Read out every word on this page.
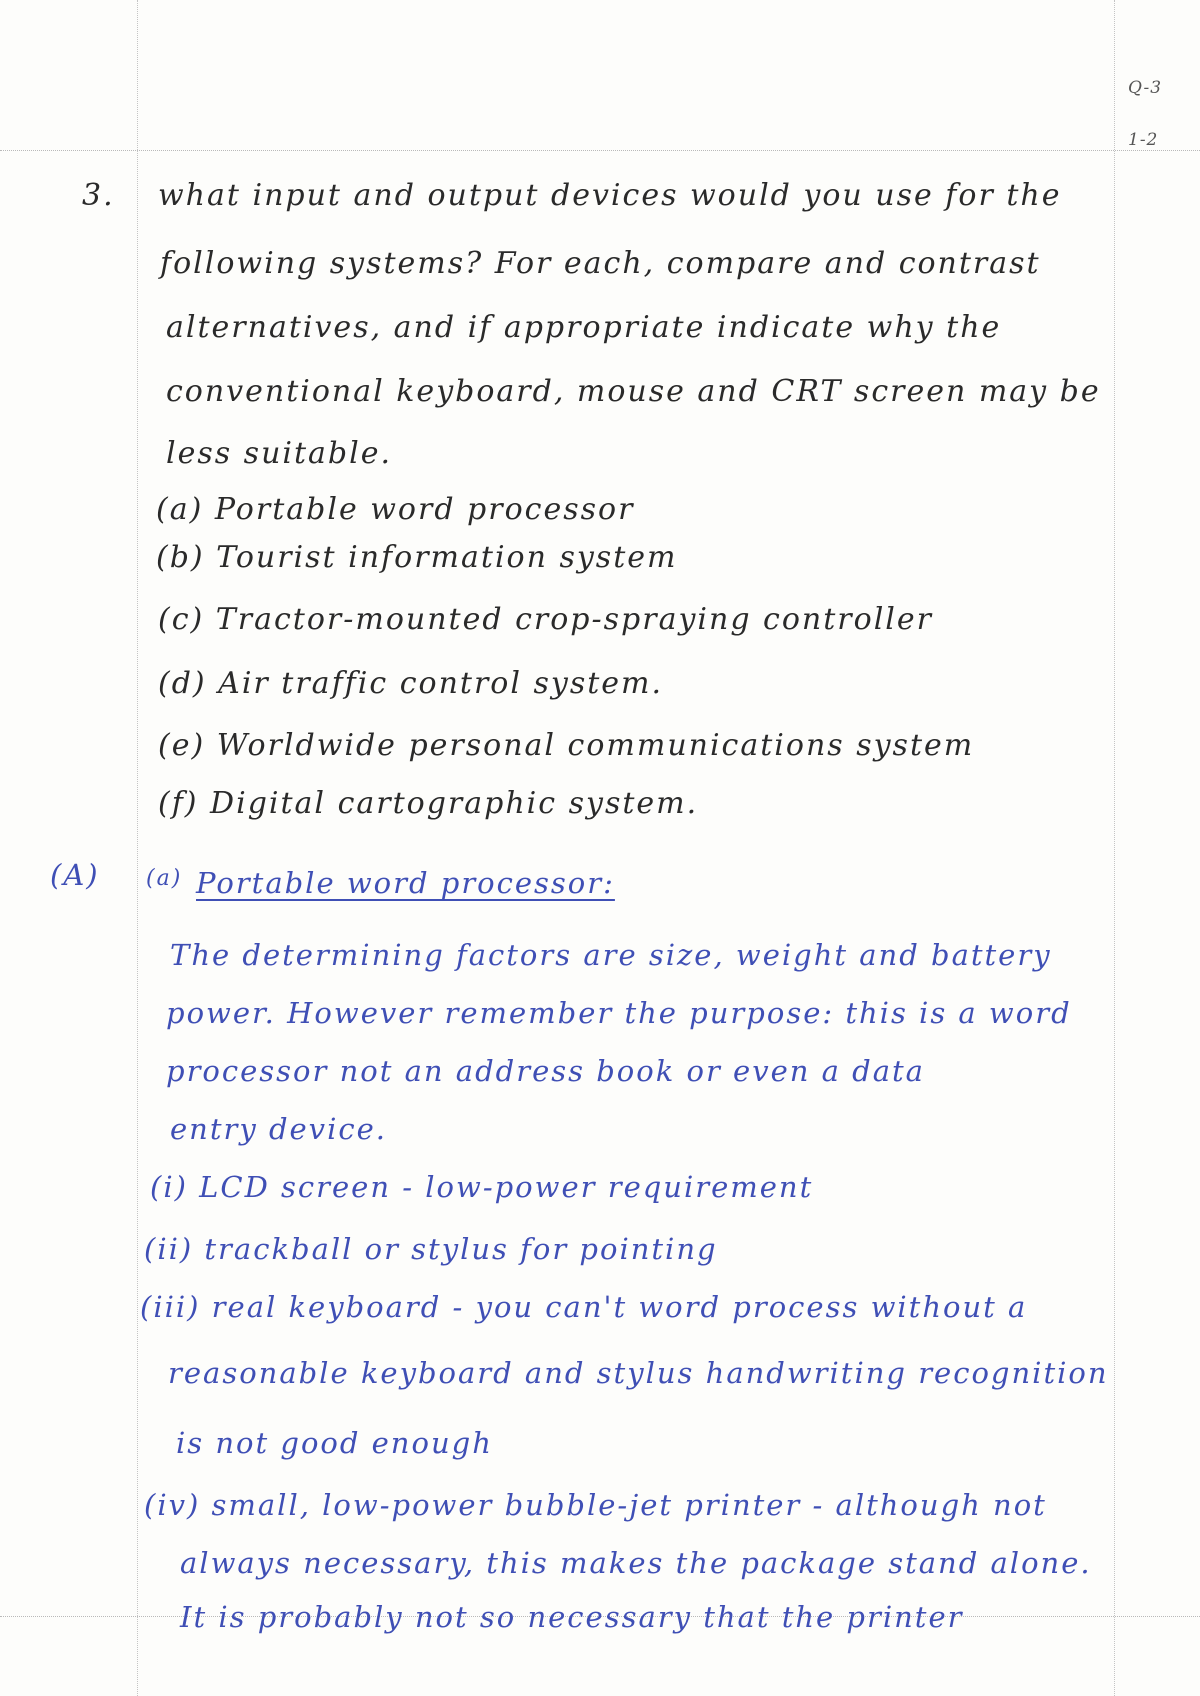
Q-3
1-2
3. what input and output devices would you use for the
following systems? For each, compare and contrast
alternatives, and if appropriate indicate why the
conventional keyboard, mouse and CRT screen may be
less suitable.
(a) Portable word processor
(b) Tourist information system
(c) Tractor-mounted crop-spraying controller
(d) Air traffic control system.
(e) Worldwide personal communications system
(f) Digital cartographic system.
(A) (a) Portable word processor:
The determining factors are size, weight and battery
power. However remember the purpose: this is a word
processor not an address book or even a data
entry device.
(i) LCD screen - low-power requirement
(ii) trackball or stylus for pointing
(iii) real keyboard - you can't word process without a
reasonable keyboard and stylus handwriting recognition
is not good enough
(iv) small, low-power bubble-jet printer - although not
always necessary, this makes the package stand alone.
It is probably not so necessary that the printer
